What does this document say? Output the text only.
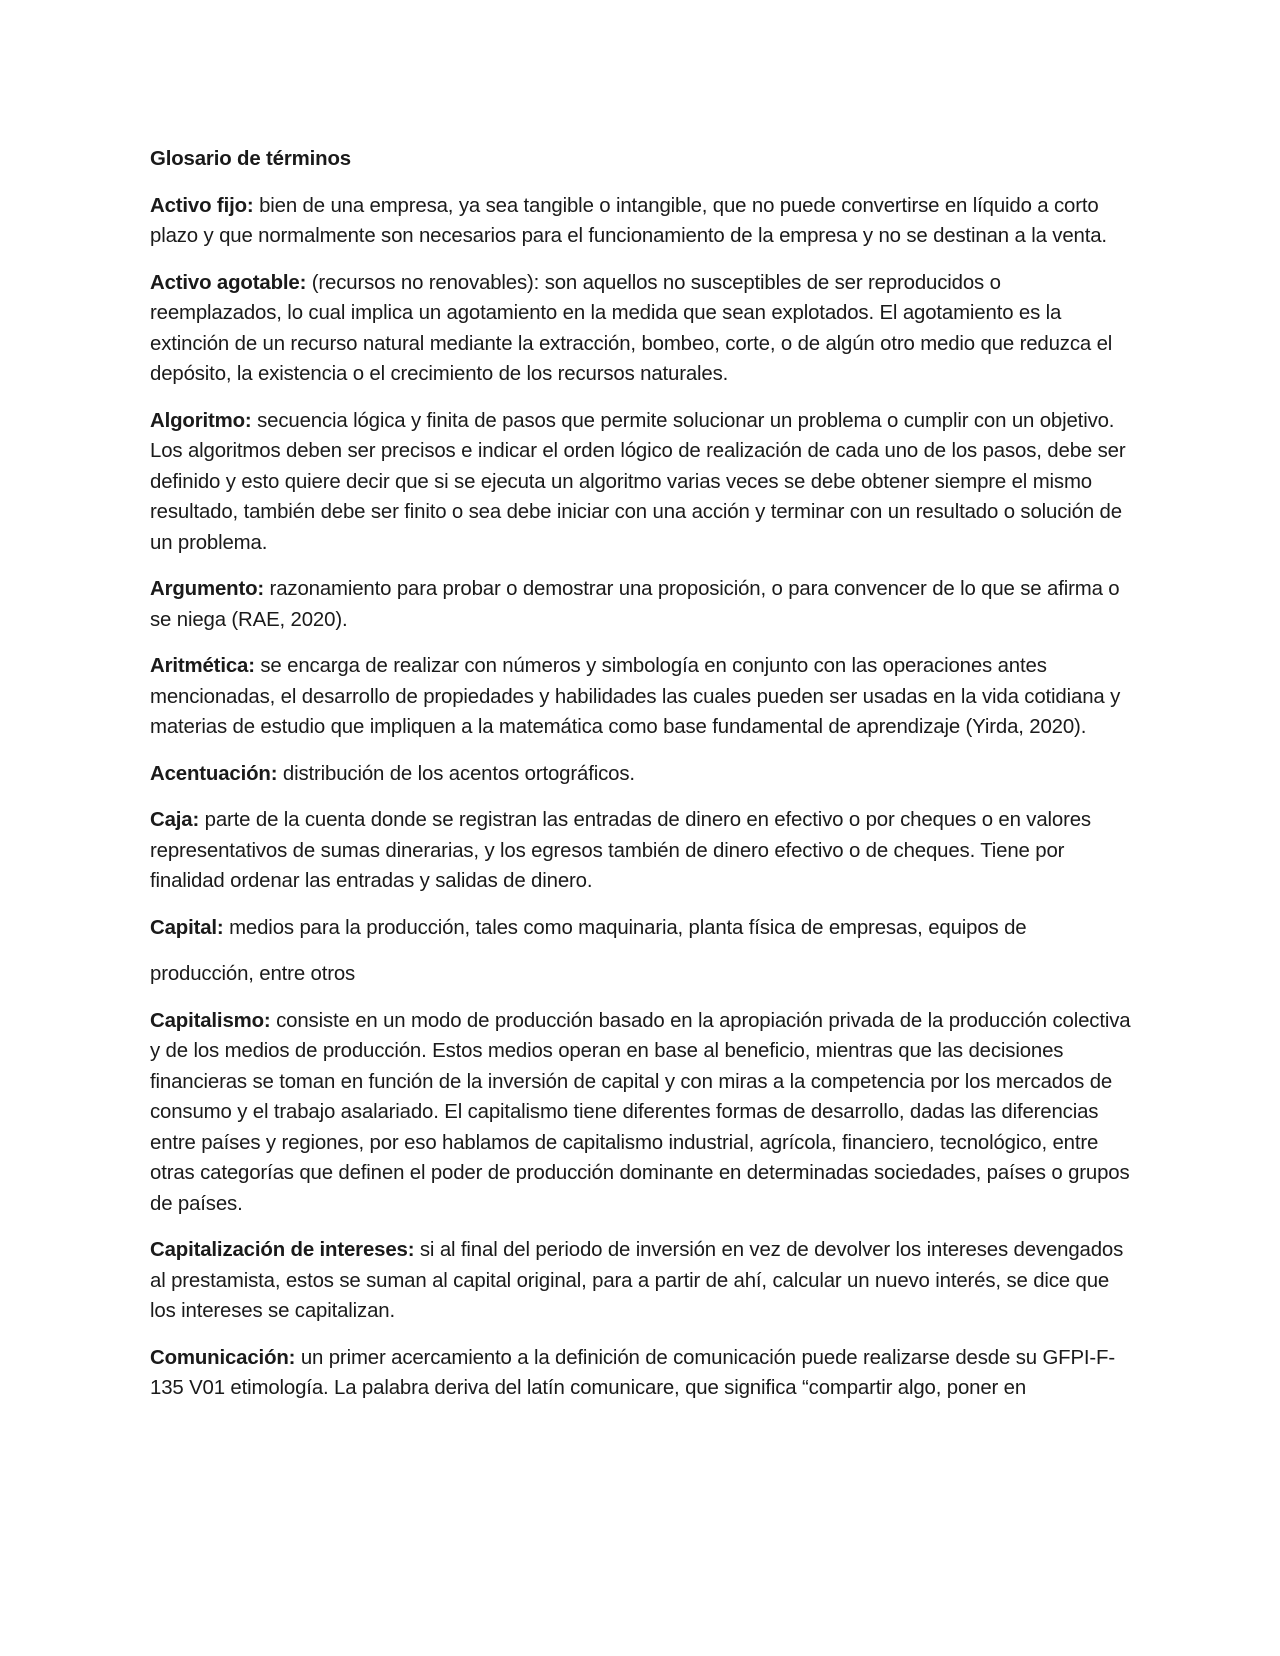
Glosario de términos

Activo fijo: bien de una empresa, ya sea tangible o intangible, que no puede convertirse en líquido a corto plazo y que normalmente son necesarios para el funcionamiento de la empresa y no se destinan a la venta.

Activo agotable: (recursos no renovables): son aquellos no susceptibles de ser reproducidos o reemplazados, lo cual implica un agotamiento en la medida que sean explotados. El agotamiento es la extinción de un recurso natural mediante la extracción, bombeo, corte, o de algún otro medio que reduzca el depósito, la existencia o el crecimiento de los recursos naturales.

Algoritmo: secuencia lógica y finita de pasos que permite solucionar un problema o cumplir con un objetivo. Los algoritmos deben ser precisos e indicar el orden lógico de realización de cada uno de los pasos, debe ser definido y esto quiere decir que si se ejecuta un algoritmo varias veces se debe obtener siempre el mismo resultado, también debe ser finito o sea debe iniciar con una acción y terminar con un resultado o solución de un problema.

Argumento: razonamiento para probar o demostrar una proposición, o para convencer de lo que se afirma o se niega (RAE, 2020).

Aritmética: se encarga de realizar con números y simbología en conjunto con las operaciones antes mencionadas, el desarrollo de propiedades y habilidades las cuales pueden ser usadas en la vida cotidiana y materias de estudio que impliquen a la matemática como base fundamental de aprendizaje (Yirda, 2020).

Acentuación: distribución de los acentos ortográficos.

Caja: parte de la cuenta donde se registran las entradas de dinero en efectivo o por cheques o en valores representativos de sumas dinerarias, y los egresos también de dinero efectivo o de cheques. Tiene por finalidad ordenar las entradas y salidas de dinero.

Capital: medios para la producción, tales como maquinaria, planta física de empresas, equipos de

producción, entre otros

Capitalismo: consiste en un modo de producción basado en la apropiación privada de la producción colectiva y de los medios de producción. Estos medios operan en base al beneficio, mientras que las decisiones financieras se toman en función de la inversión de capital y con miras a la competencia por los mercados de consumo y el trabajo asalariado. El capitalismo tiene diferentes formas de desarrollo, dadas las diferencias entre países y regiones, por eso hablamos de capitalismo industrial, agrícola, financiero, tecnológico, entre otras categorías que definen el poder de producción dominante en determinadas sociedades, países o grupos de países.

Capitalización de intereses: si al final del periodo de inversión en vez de devolver los intereses devengados al prestamista, estos se suman al capital original, para a partir de ahí, calcular un nuevo interés, se dice que los intereses se capitalizan.

Comunicación: un primer acercamiento a la definición de comunicación puede realizarse desde su GFPI-F-135 V01 etimología. La palabra deriva del latín comunicare, que significa “compartir algo, poner en
